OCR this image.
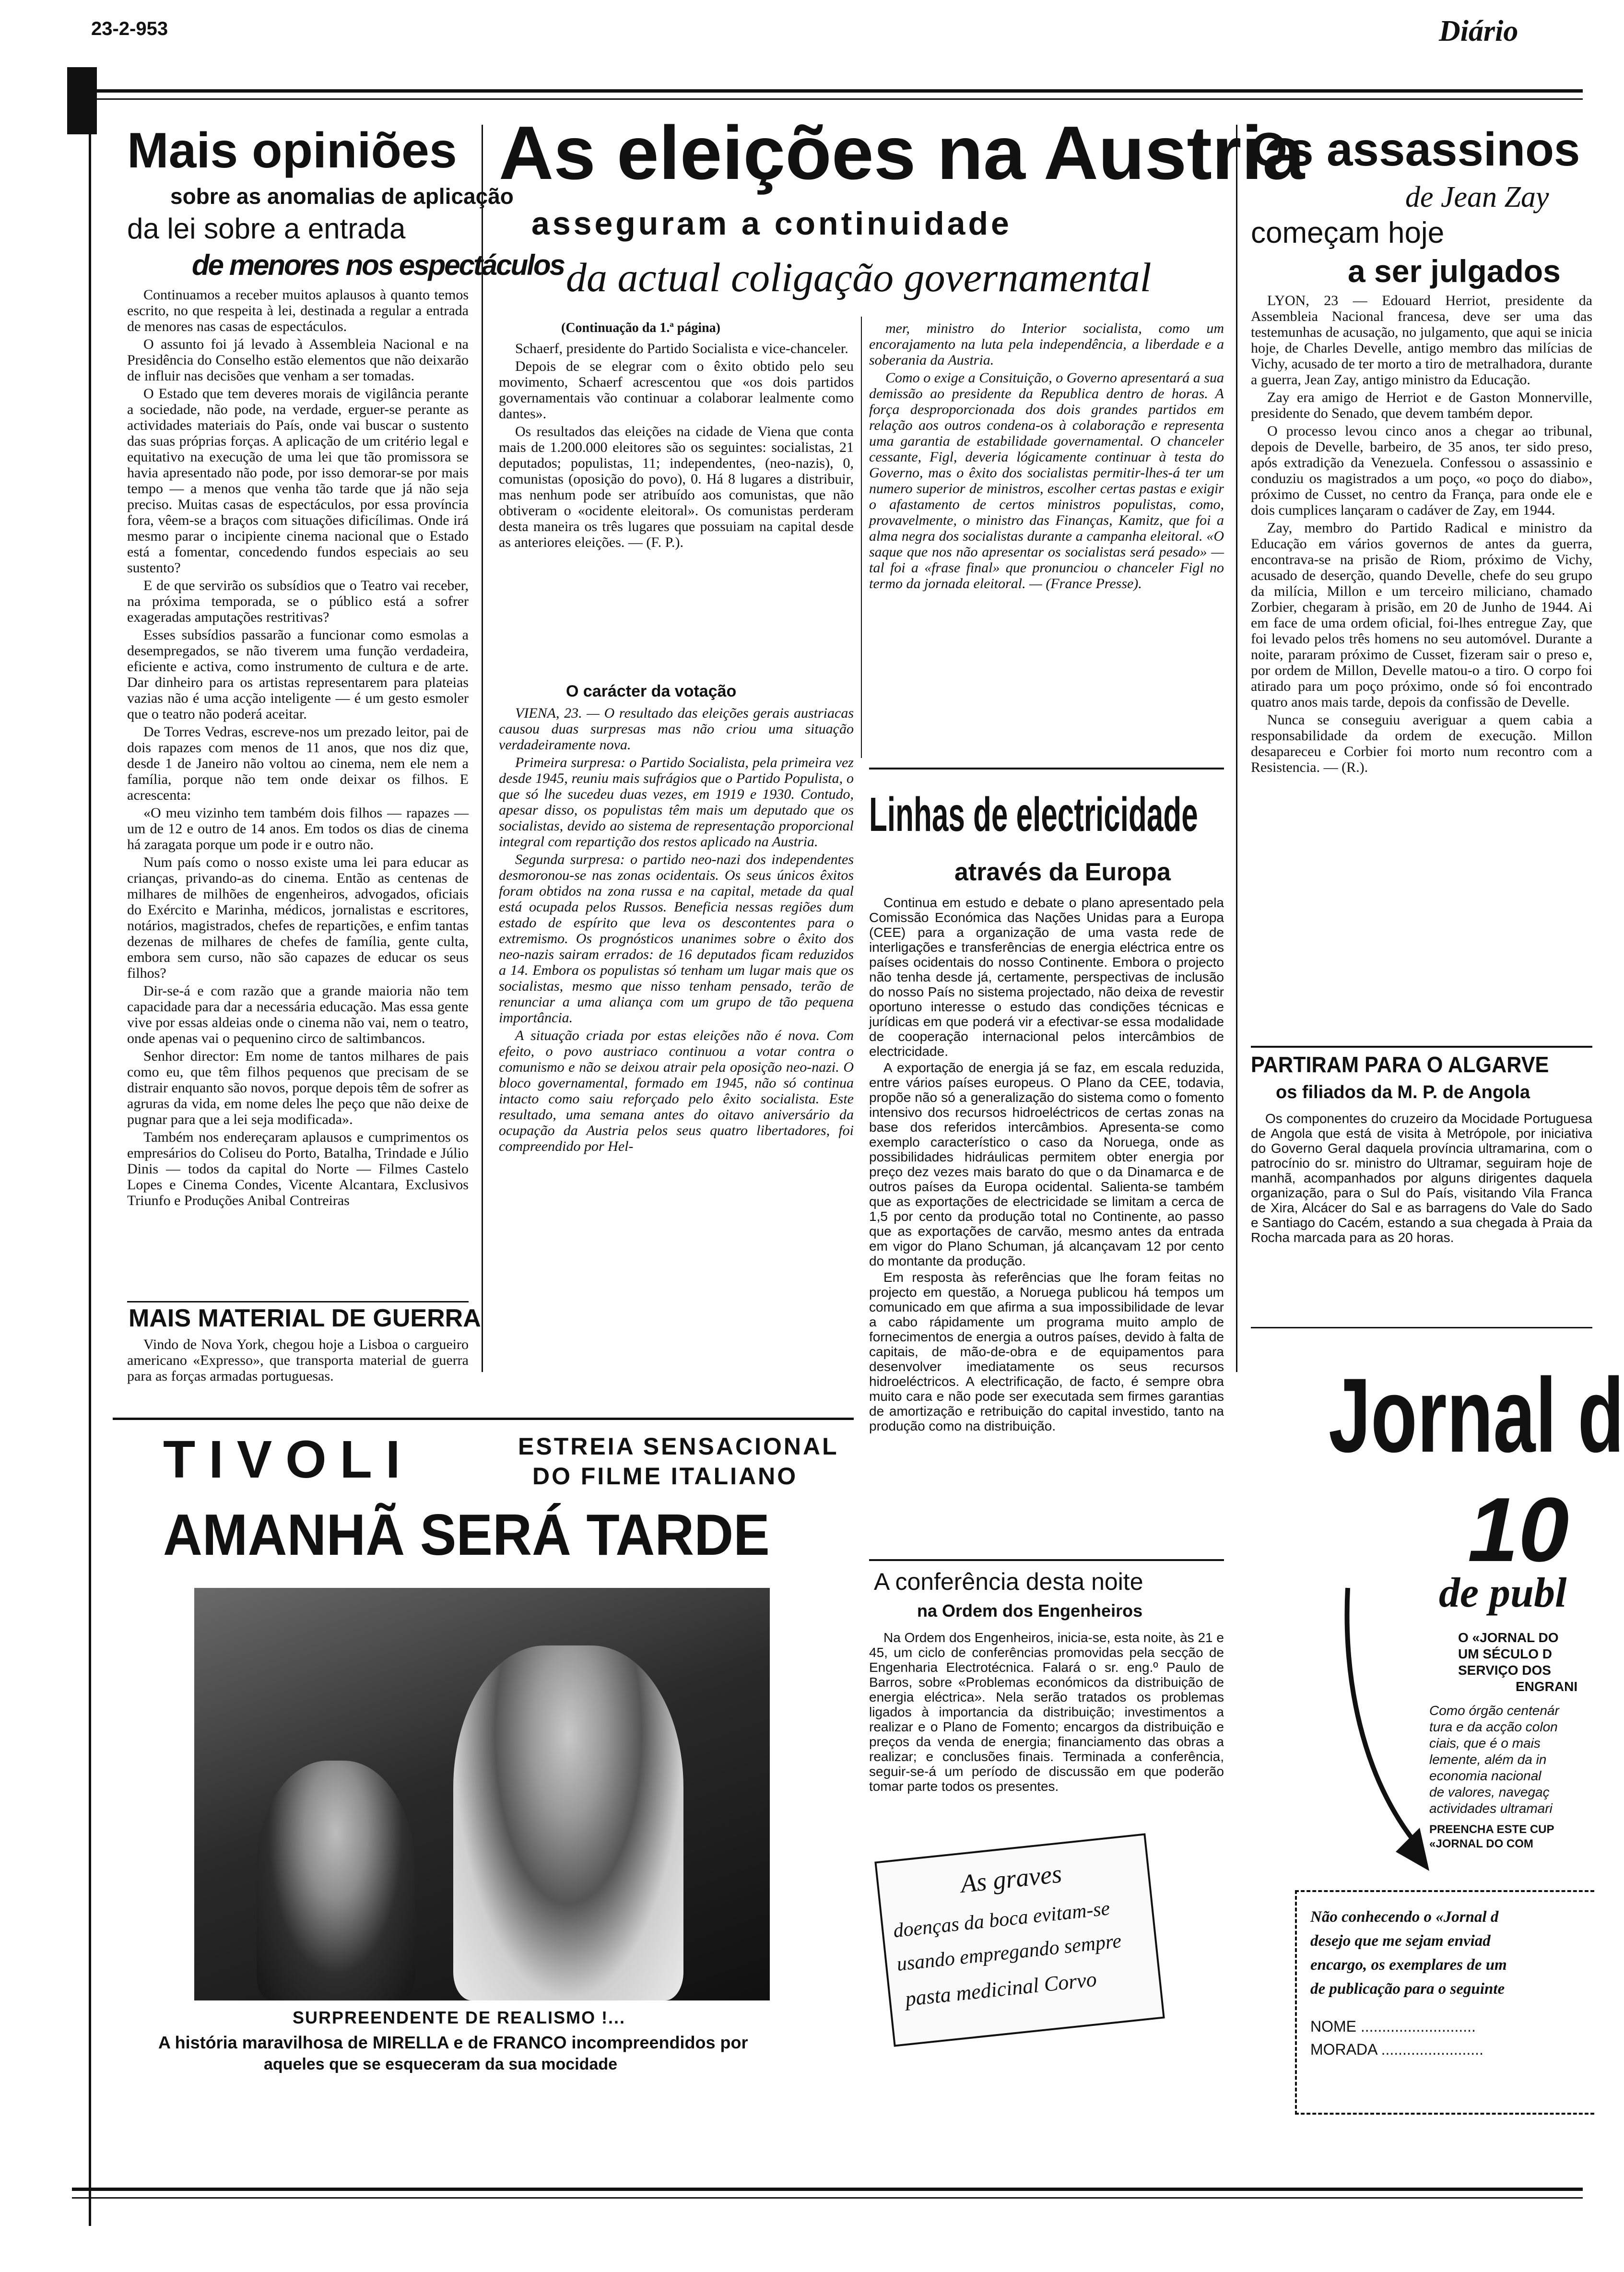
23-2-953	Diário
Mais opiniões
sobre as anomalias de aplicação
da lei sobre a entrada
de menores nos espectáculos

Continuamos a receber muitos aplausos à quanto temos escrito, no que respeita à lei, destinada a regular a entrada de menores nas casas de espectáculos.

O assunto foi já levado à Assembleia Nacional e na Presidência do Conselho estão elementos que não deixarão de influir nas decisões que venham a ser tomadas.

O Estado que tem deveres morais de vigilância perante a sociedade, não pode, na verdade, erguer-se perante as actividades materiais do País, onde vai buscar o sustento das suas próprias forças. A aplicação de um critério legal e equitativo na execução de uma lei que tão promissora se havia apresentado não pode, por isso demorar-se por mais tempo — a menos que venha tão tarde que já não seja preciso. Muitas casas de espectáculos, por essa província fora, vêem-se a braços com situações dificílimas. Onde irá mesmo parar o incipiente cinema nacional que o Estado está a fomentar, concedendo fundos especiais ao seu sustento?

E de que servirão os subsídios que o Teatro vai receber, na próxima temporada, se o público está a sofrer exageradas amputações restritivas?

Esses subsídios passarão a funcionar como esmolas a desempregados, se não tiverem uma função verdadeira, eficiente e activa, como instrumento de cultura e de arte. Dar dinheiro para os artistas representarem para plateias vazias não é uma acção inteligente — é um gesto esmoler que o teatro não poderá aceitar.

De Torres Vedras, escreve-nos um prezado leitor, pai de dois rapazes com menos de 11 anos, que nos diz que, desde 1 de Janeiro não voltou ao cinema, nem ele nem a família, porque não tem onde deixar os filhos. E acrescenta:

«O meu vizinho tem também dois filhos — rapazes — um de 12 e outro de 14 anos. Em todos os dias de cinema há zaragata porque um pode ir e outro não.

Num país como o nosso existe uma lei para educar as crianças, privando-as do cinema. Então as centenas de milhares de milhões de engenheiros, advogados, oficiais do Exército e Marinha, médicos, jornalistas e escritores, notários, magistrados, chefes de repartições, e enfim tantas dezenas de milhares de chefes de família, gente culta, embora sem curso, não são capazes de educar os seus filhos?

Dir-se-á e com razão que a grande maioria não tem capacidade para dar a necessária educação. Mas essa gente vive por essas aldeias onde o cinema não vai, nem o teatro, onde apenas vai o pequenino circo de saltimbancos.

Senhor director: Em nome de tantos milhares de pais como eu, que têm filhos pequenos que precisam de se distrair enquanto são novos, porque depois têm de sofrer as agruras da vida, em nome deles lhe peço que não deixe de pugnar para que a lei seja modificada».

Também nos endereçaram aplausos e cumprimentos os empresários do Coliseu do Porto, Batalha, Trindade e Júlio Dinis — todos da capital do Norte — Filmes Castelo Lopes e Cinema Condes, Vicente Alcantara, Exclusivos Triunfo e Produções Anibal Contreiras

MAIS MATERIAL DE GUERRA

Vindo de Nova York, chegou hoje a Lisboa o cargueiro americano «Expresso», que transporta material de guerra para as forças armadas portuguesas.

As eleições na Austria
asseguram a continuidade
da actual coligação governamental
(Continuação da 1.ª página)

Schaerf, presidente do Partido Socialista e vice-chanceler.

Depois de se elegrar com o êxito obtido pelo seu movimento, Schaerf acrescentou que «os dois partidos governamentais vão continuar a colaborar lealmente como dantes».

Os resultados das eleições na cidade de Viena que conta mais de 1.200.000 eleitores são os seguintes: socialistas, 21 deputados; populistas, 11; independentes, (neo-nazis), 0, comunistas (oposição do povo), 0. Há 8 lugares a distribuir, mas nenhum pode ser atribuído aos comunistas, que não obtiveram o «ocidente eleitoral». Os comunistas perderam desta maneira os três lugares que possuiam na capital desde as anteriores eleições. — (F. P.).

O carácter da votação

VIENA, 23. — O resultado das eleições gerais austriacas causou duas surpresas mas não criou uma situação verdadeiramente nova.

Primeira surpresa: o Partido Socialista, pela primeira vez desde 1945, reuniu mais sufrágios que o Partido Populista, o que só lhe sucedeu duas vezes, em 1919 e 1930. Contudo, apesar disso, os populistas têm mais um deputado que os socialistas, devido ao sistema de representação proporcional integral com repartição dos restos aplicado na Austria.

Segunda surpresa: o partido neo-nazi dos independentes desmoronou-se nas zonas ocidentais. Os seus únicos êxitos foram obtidos na zona russa e na capital, metade da qual está ocupada pelos Russos. Beneficia nessas regiões dum estado de espírito que leva os descontentes para o extremismo. Os prognósticos unanimes sobre o êxito dos neo-nazis sairam errados: de 16 deputados ficam reduzidos a 14. Embora os populistas só tenham um lugar mais que os socialistas, mesmo que nisso tenham pensado, terão de renunciar a uma aliança com um grupo de tão pequena importância.

A situação criada por estas eleições não é nova. Com efeito, o povo austriaco continuou a votar contra o comunismo e não se deixou atrair pela oposição neo-nazi. O bloco governamental, formado em 1945, não só continua intacto como saiu reforçado pelo êxito socialista. Este resultado, uma semana antes do oitavo aniversário da ocupação da Austria pelos seus quatro libertadores, foi compreendido por Hel-

mer, ministro do Interior socialista, como um encorajamento na luta pela independência, a liberdade e a soberania da Austria.

Como o exige a Consituição, o Governo apresentará a sua demissão ao presidente da Republica dentro de horas. A força desproporcionada dos dois grandes partidos em relação aos outros condena-os à colaboração e representa uma garantia de estabilidade governamental. O chanceler cessante, Figl, deveria lógicamente continuar à testa do Governo, mas o êxito dos socialistas permitir-lhes-á ter um numero superior de ministros, escolher certas pastas e exigir o afastamento de certos ministros populistas, como, provavelmente, o ministro das Finanças, Kamitz, que foi a alma negra dos socialistas durante a campanha eleitoral. «O saque que nos não apresentar os socialistas será pesado» — tal foi a «frase final» que pronunciou o chanceler Figl no termo da jornada eleitoral. — (France Presse).

Linhas de electricidade
através da Europa

Continua em estudo e debate o plano apresentado pela Comissão Económica das Nações Unidas para a Europa (CEE) para a organização de uma vasta rede de interligações e transferências de energia eléctrica entre os países ocidentais do nosso Continente. Embora o projecto não tenha desde já, certamente, perspectivas de inclusão do nosso País no sistema projectado, não deixa de revestir oportuno interesse o estudo das condições técnicas e jurídicas em que poderá vir a efectivar-se essa modalidade de cooperação internacional pelos intercâmbios de electricidade.

A exportação de energia já se faz, em escala reduzida, entre vários países europeus. O Plano da CEE, todavia, propõe não só a generalização do sistema como o fomento intensivo dos recursos hidroeléctricos de certas zonas na base dos referidos intercâmbios. Apresenta-se como exemplo característico o caso da Noruega, onde as possibilidades hidráulicas permitem obter energia por preço dez vezes mais barato do que o da Dinamarca e de outros países da Europa ocidental. Salienta-se também que as exportações de electricidade se limitam a cerca de 1,5 por cento da produção total no Continente, ao passo que as exportações de carvão, mesmo antes da entrada em vigor do Plano Schuman, já alcançavam 12 por cento do montante da produção.

Em resposta às referências que lhe foram feitas no projecto em questão, a Noruega publicou há tempos um comunicado em que afirma a sua impossibilidade de levar a cabo rápidamente um programa muito amplo de fornecimentos de energia a outros países, devido à falta de capitais, de mão-de-obra e de equipamentos para desenvolver imediatamente os seus recursos hidroeléctricos. A electrificação, de facto, é sempre obra muito cara e não pode ser executada sem firmes garantias de amortização e retribuição do capital investido, tanto na produção como na distribuição.

A conferência desta noite
na Ordem dos Engenheiros

Na Ordem dos Engenheiros, inicia-se, esta noite, às 21 e 45, um ciclo de conferências promovidas pela secção de Engenharia Electrotécnica. Falará o sr. eng.º Paulo de Barros, sobre «Problemas económicos da distribuição de energia eléctrica». Nela serão tratados os problemas ligados à importancia da distribuição; investimentos a realizar e o Plano de Fomento; encargos da distribuição e preços da venda de energia; financiamento das obras a realizar; e conclusões finais. Terminada a conferência, seguir-se-á um período de discussão em que poderão tomar parte todos os presentes.

As graves
doenças da boca evitam-se
usando empregando sempre
pasta medicinal Corvo
TIVOLI	ESTREIA SENSACIONAL
DO FILME ITALIANO
AMANHÃ SERÁ TARDE
SURPREENDENTE DE REALISMO !...
A história maravilhosa de MIRELLA e de FRANCO incompreendidos por
aqueles que se esqueceram da sua mocidade
Os assassinos
de Jean Zay
começam hoje
a ser julgados

LYON, 23 — Edouard Herriot, presidente da Assembleia Nacional francesa, deve ser uma das testemunhas de acusação, no julgamento, que aqui se inicia hoje, de Charles Develle, antigo membro das milícias de Vichy, acusado de ter morto a tiro de metralhadora, durante a guerra, Jean Zay, antigo ministro da Educação.

Zay era amigo de Herriot e de Gaston Monnerville, presidente do Senado, que devem também depor.

O processo levou cinco anos a chegar ao tribunal, depois de Develle, barbeiro, de 35 anos, ter sido preso, após extradição da Venezuela. Confessou o assassinio e conduziu os magistrados a um poço, «o poço do diabo», próximo de Cusset, no centro da França, para onde ele e dois cumplices lançaram o cadáver de Zay, em 1944.

Zay, membro do Partido Radical e ministro da Educação em vários governos de antes da guerra, encontrava-se na prisão de Riom, próximo de Vichy, acusado de deserção, quando Develle, chefe do seu grupo da milícia, Millon e um terceiro miliciano, chamado Zorbier, chegaram à prisão, em 20 de Junho de 1944. Ai em face de uma ordem oficial, foi-lhes entregue Zay, que foi levado pelos três homens no seu automóvel. Durante a noite, pararam próximo de Cusset, fizeram sair o preso e, por ordem de Millon, Develle matou-o a tiro. O corpo foi atirado para um poço próximo, onde só foi encontrado quatro anos mais tarde, depois da confissão de Develle.

Nunca se conseguiu averiguar a quem cabia a responsabilidade da ordem de execução. Millon desapareceu e Corbier foi morto num recontro com a Resistencia. — (R.).

PARTIRAM PARA O ALGARVE
os filiados da M. P. de Angola

Os componentes do cruzeiro da Mocidade Portuguesa de Angola que está de visita à Metrópole, por iniciativa do Governo Geral daquela província ultramarina, com o patrocínio do sr. ministro do Ultramar, seguiram hoje de manhã, acompanhados por alguns dirigentes daquela organização, para o Sul do País, visitando Vila Franca de Xira, Alcácer do Sal e as barragens do Vale do Sado e Santiago do Cacém, estando a sua chegada à Praia da Rocha marcada para as 20 horas.

Jornal d
10
de publ
O «JORNAL DO
UM SÉCULO D
SERVIÇO DOS
ENGRANI
Como órgão centenár
tura e da acção colon
ciais, que é o mais
lemente, além da in
economia nacional
de valores, navegaç
actividades ultramari
PREENCHA ESTE CUP
«JORNAL DO COM
Não conhecendo o «Jornal d
desejo que me sejam enviad
encargo, os exemplares de um
de publicação para o seguinte
NOME ...........................
MORADA ........................
